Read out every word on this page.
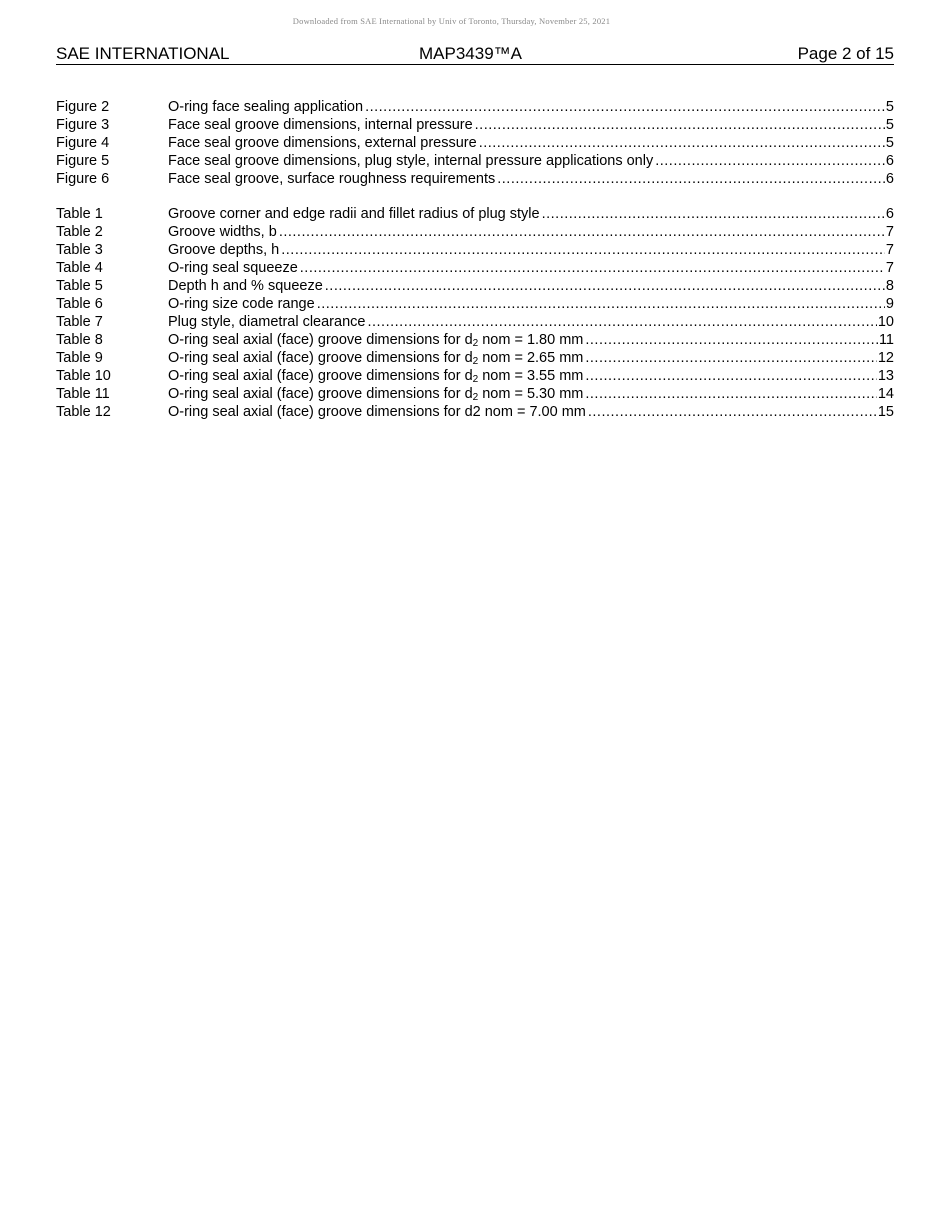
Downloaded from SAE International by Univ of Toronto, Thursday, November 25, 2021
SAE INTERNATIONAL	MAP3439™A	Page 2 of 15
Figure 2	O-ring face sealing application .....	5
Figure 3	Face seal groove dimensions, internal pressure .....	5
Figure 4	Face seal groove dimensions, external pressure .....	5
Figure 5	Face seal groove dimensions, plug style, internal pressure applications only .....	6
Figure 6	Face seal groove, surface roughness requirements .....	6
Table 1	Groove corner and edge radii and fillet radius of plug style .....	6
Table 2	Groove widths, b .....	7
Table 3	Groove depths, h .....	7
Table 4	O-ring seal squeeze .....	7
Table 5	Depth h and % squeeze .....	8
Table 6	O-ring size code range .....	9
Table 7	Plug style, diametral clearance .....	10
Table 8	O-ring seal axial (face) groove dimensions for $d_2$ nom = 1.80 mm .....	11
Table 9	O-ring seal axial (face) groove dimensions for $d_2$ nom = 2.65 mm .....	12
Table 10	O-ring seal axial (face) groove dimensions for $d_2$ nom = 3.55 mm .....	13
Table 11	O-ring seal axial (face) groove dimensions for $d_2$ nom = 5.30 mm .....	14
Table 12	O-ring seal axial (face) groove dimensions for d2 nom = 7.00 mm .....	15
